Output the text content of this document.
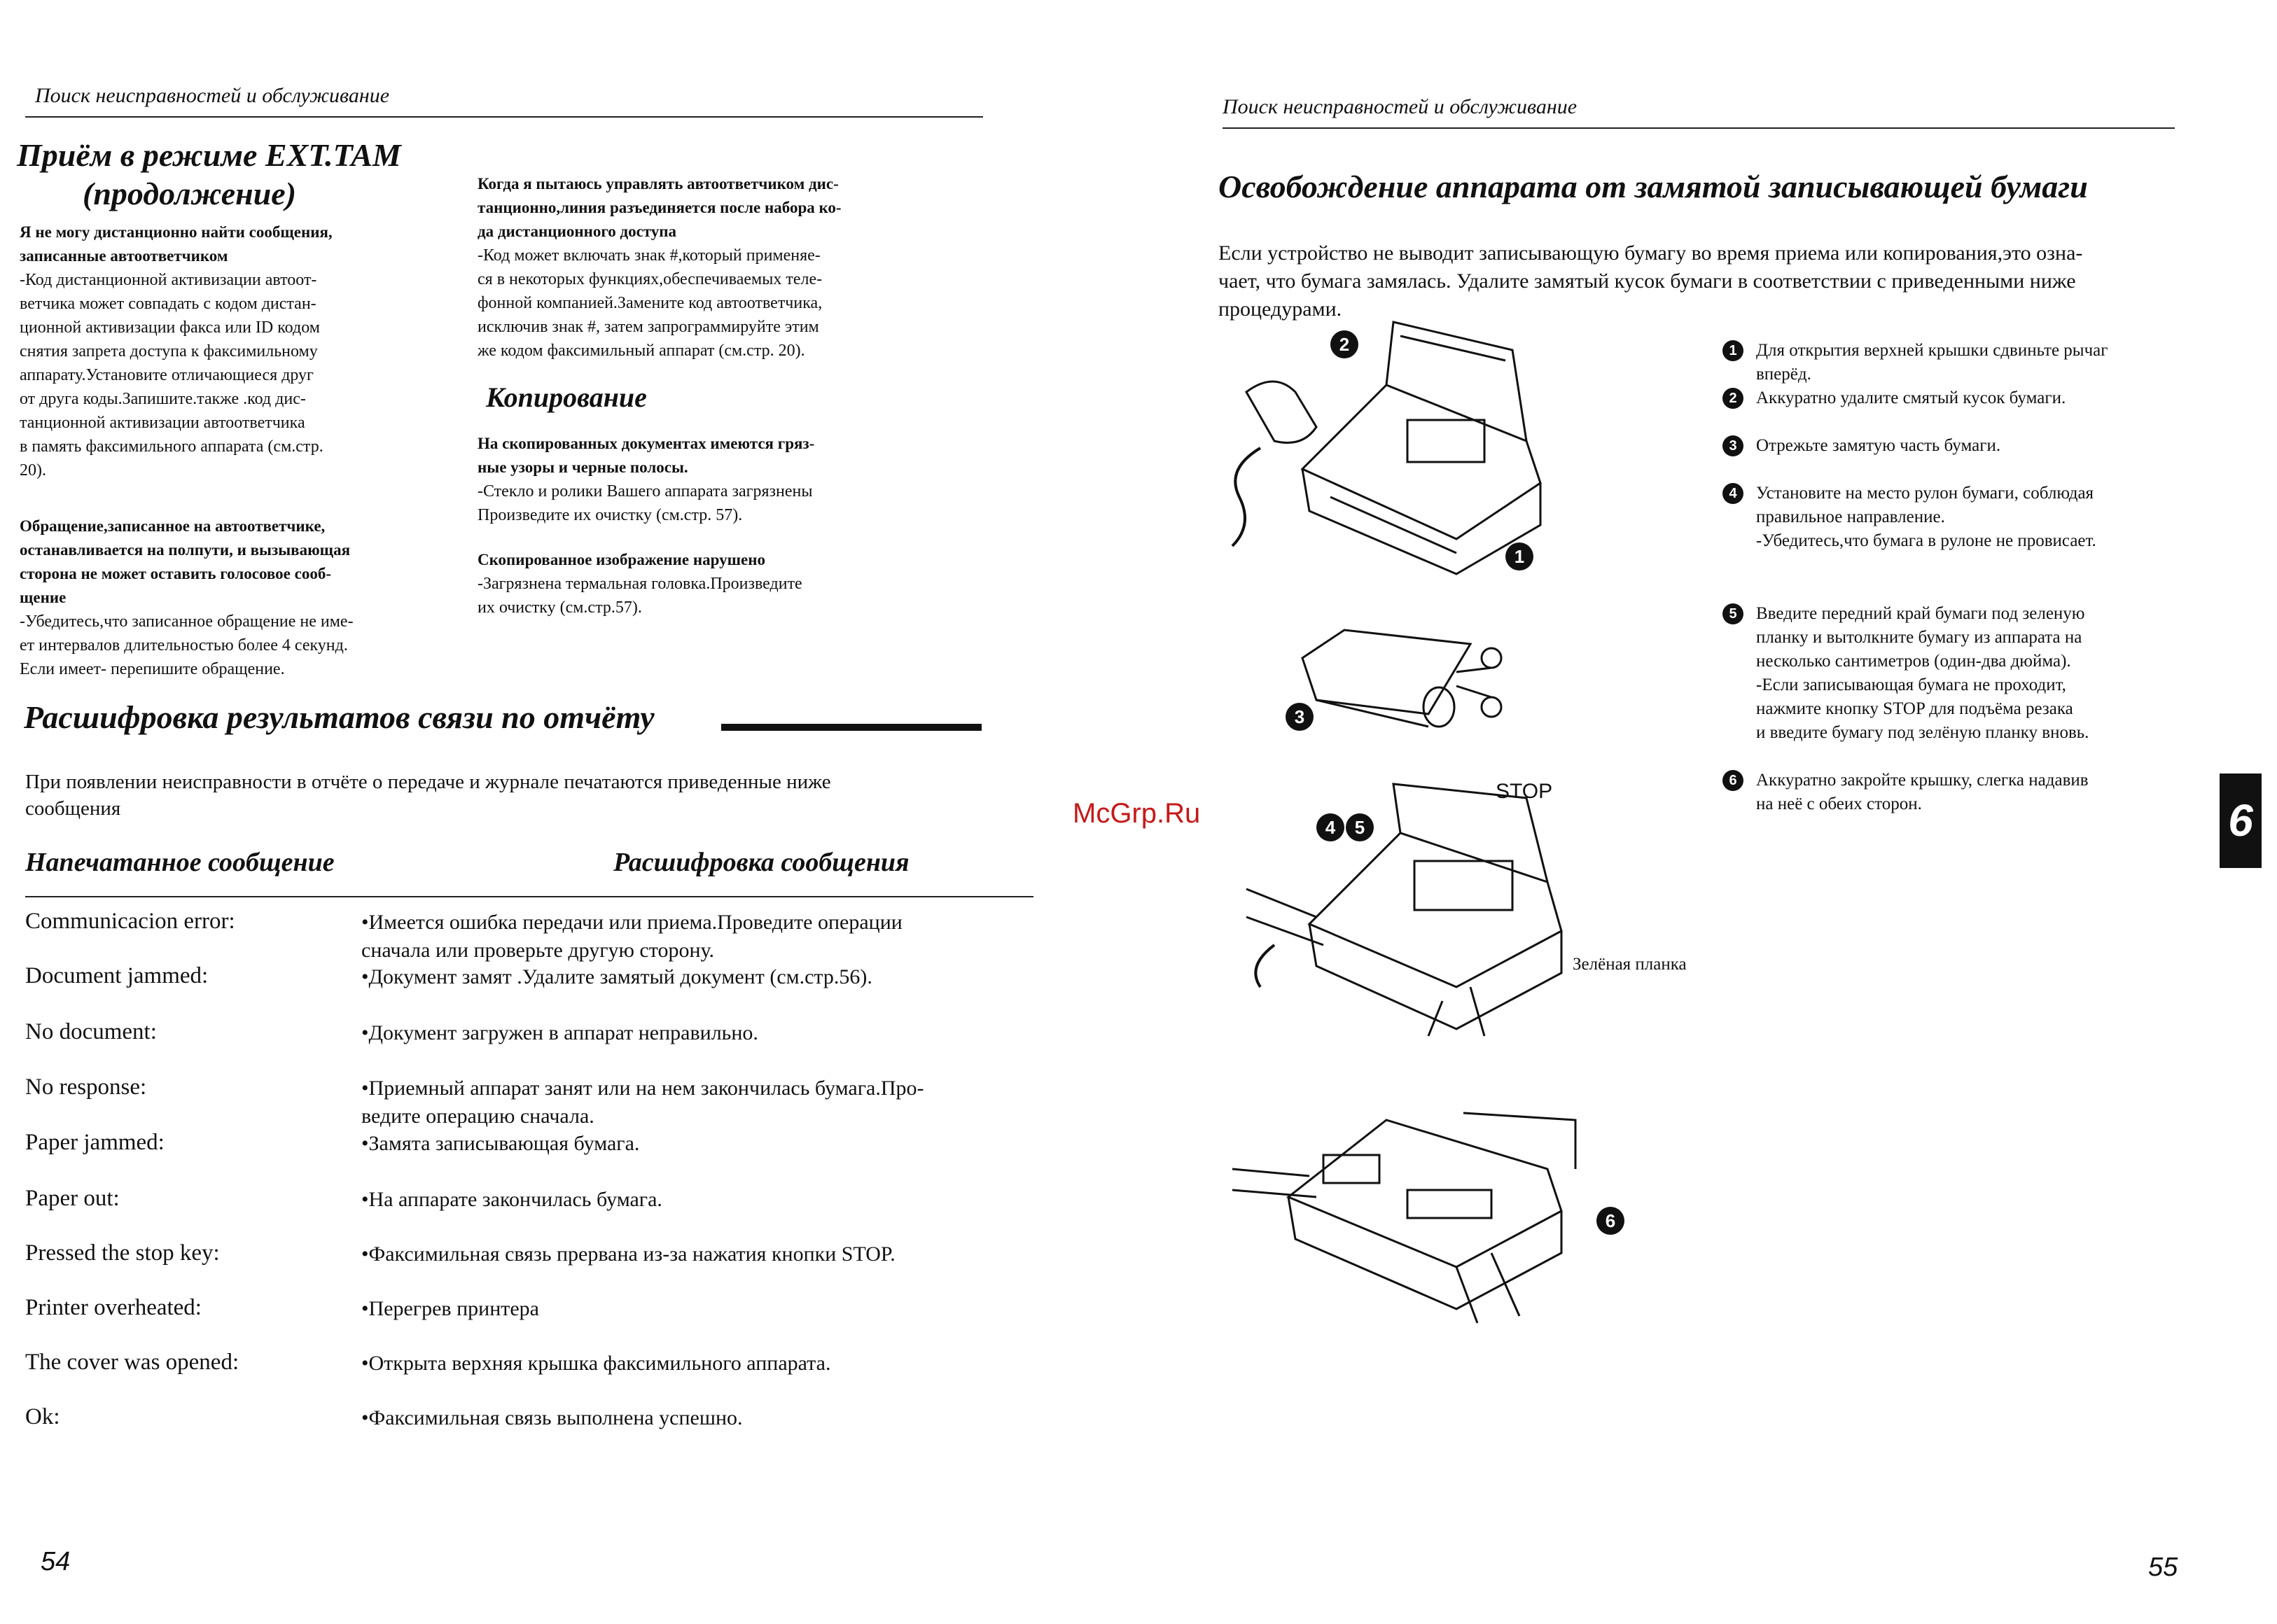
Поиск неисправностей и обслуживание
Приём в режиме EXT.TAM
(продолжение)
Я не могу дистанционно найти сообщения,
записанные автоответчиком
-Код дистанционной активизации автоот-
ветчика может совпадать с кодом дистан-
ционной активизации факса или ID кодом
снятия запрета доступа к факсимильному
аппарату.Установите отличающиеся друг
от друга коды.Запишите.также .код дис-
танционной активизации автоответчика
в память факсимильного аппарата (см.стр.
20).
Обращение,записанное на автоответчике,
останавливается на полпути, и вызывающая
сторона не может оставить голосовое сооб-
щение
-Убедитесь,что записанное обращение не име-
ет интервалов длительностью более 4 секунд.
Если имеет- перепишите обращение.
Когда я пытаюсь управлять автоответчиком дис-
танционно,линия разъединяется после набора ко-
да дистанционного доступа
-Код может включать знак #,который применяе-
ся в некоторых функциях,обеспечиваемых теле-
фонной компанией.Замените код автоответчика,
исключив знак #, затем запрограммируйте этим
же кодом факсимильный аппарат (см.стр. 20).
Копирование
На скопированных документах имеются гряз-
ные узоры и черные полосы.
-Стекло и ролики Вашего аппарата загрязнены
Произведите их очистку (см.стр. 57).
Скопированное изображение нарушено
-Загрязнена термальная головка.Произведите
их очистку (см.стр.57).
Расшифровка результатов связи по отчёту
При появлении неисправности в отчёте о передаче и журнале печатаются приведенные ниже
сообщения
Напечатанное сообщение	Расшифровка сообщения
Communicacion error:	•Имеется ошибка передачи или приема.Проведите операции
сначала или проверьте другую сторону.
Document jammed:	•Документ замят .Удалите замятый документ (см.стр.56).
No document:	•Документ загружен в аппарат неправильно.
No response:	•Приемный аппарат занят или на нем закончилась бумага.Про-
ведите операцию сначала.
Paper jammed:	•Замята записывающая бумага.
Paper out:	•На аппарате закончилась бумага.
Pressed the stop key:	•Факсимильная связь прервана из-за нажатия кнопки STOP.
Printer overheated:	•Перегрев принтера
The cover was opened:	•Открыта верхняя крышка факсимильного аппарата.
Ok:	•Факсимильная связь выполнена успешно.
54
McGrp.Ru
Поиск неисправностей и обслуживание
Освобождение аппарата от замятой записывающей бумаги
Если устройство не выводит записывающую бумагу во время приема или копирования,это озна-
чает, что бумага замялась. Удалите замятый кусок бумаги в соответствии с приведенными ниже
процедурами.
1	Для открытия верхней крышки сдвиньте рычаг
вперёд.
2	Аккуратно удалите смятый кусок бумаги.
3	Отрежьте замятую часть бумаги.
4	Установите на место рулон бумаги, соблюдая
правильное направление.
-Убедитесь,что бумага в рулоне не провисает.
5	Введите передний край бумаги под зеленую
планку и вытолкните бумагу из аппарата на
несколько сантиметров (один-два дюйма).
-Если записывающая бумага не проходит,
нажмите кнопку STOP для подъёма резака
и введите бумагу под зелёную планку вновь.
6	Аккуратно закройте крышку, слегка надавив
на неё с обеих сторон.
2
1
3
4	5
STOP
Зелёная планка
6
6
55
